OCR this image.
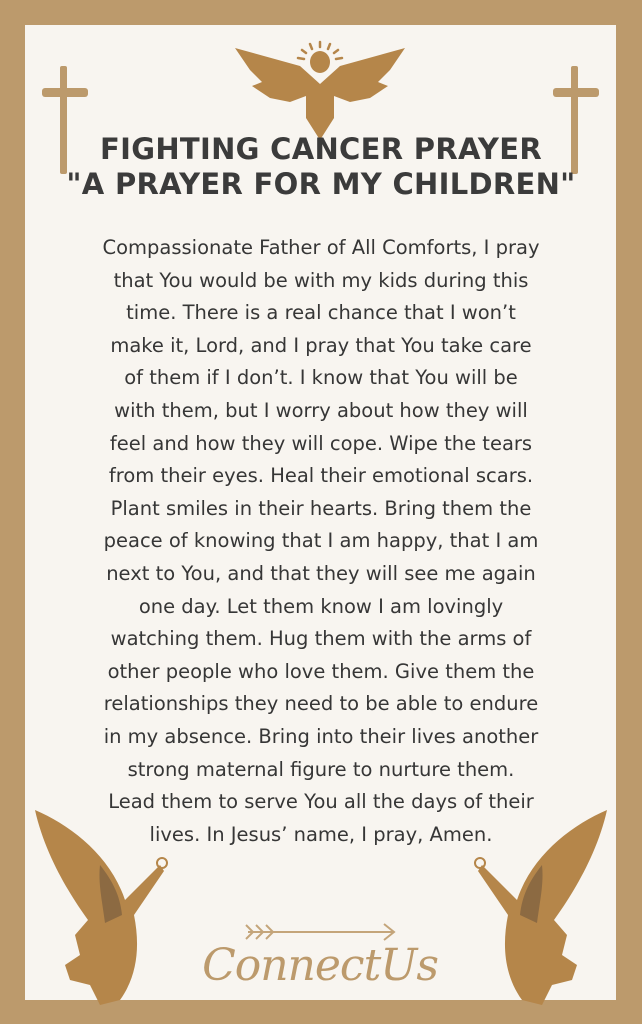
FIGHTING CANCER PRAYER
"A PRAYER FOR MY CHILDREN"
Compassionate Father of All Comforts, I pray
that You would be with my kids during this
time. There is a real chance that I won’t
make it, Lord, and I pray that You take care
of them if I don’t. I know that You will be
with them, but I worry about how they will
feel and how they will cope. Wipe the tears
from their eyes. Heal their emotional scars.
Plant smiles in their hearts. Bring them the
peace of knowing that I am happy, that I am
next to You, and that they will see me again
one day. Let them know I am lovingly
watching them. Hug them with the arms of
other people who love them. Give them the
relationships they need to be able to endure
in my absence. Bring into their lives another
strong maternal figure to nurture them.
Lead them to serve You all the days of their
lives. In Jesus’ name, I pray, Amen.
ConnectUs
